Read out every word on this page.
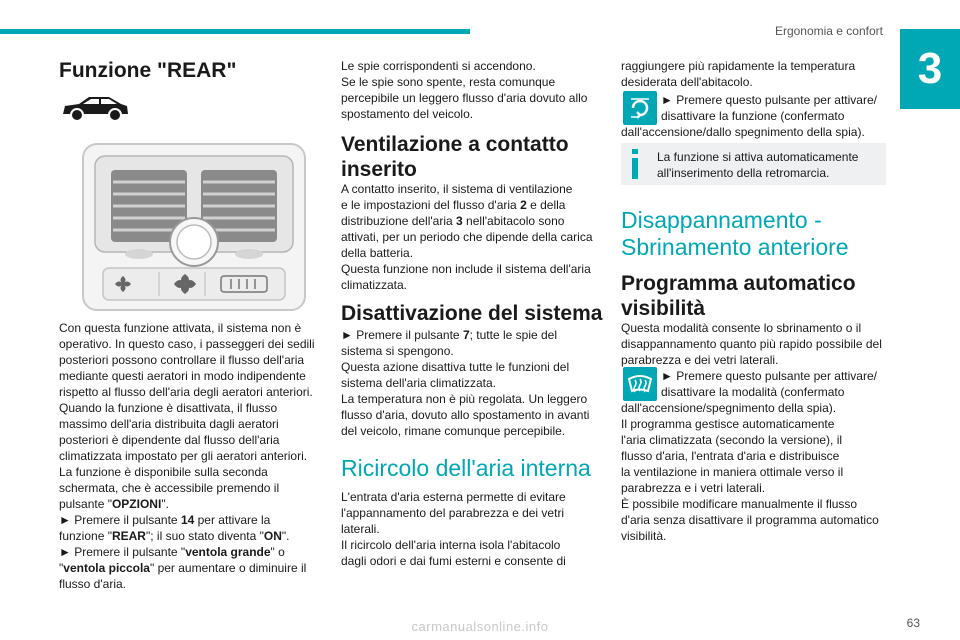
Ergonomia e confort
3
Funzione "REAR"

Con questa funzione attivata, il sistema non è

operativo. In questo caso, i passeggeri dei sedili

posteriori possono controllare il flusso dell'aria

mediante questi aeratori in modo indipendente

rispetto al flusso dell'aria degli aeratori anteriori.

Quando la funzione è disattivata, il flusso

massimo dell'aria distribuita dagli aeratori

posteriori è dipendente dal flusso dell'aria

climatizzata impostato per gli aeratori anteriori.

La funzione è disponibile sulla seconda

schermata, che è accessibile premendo il

pulsante "OPZIONI".

► Premere il pulsante 14 per attivare la

funzione "REAR"; il suo stato diventa "ON".

► Premere il pulsante "ventola grande" o

"ventola piccola" per aumentare o diminuire il

flusso d'aria.

Le spie corrispondenti si accendono.

Se le spie sono spente, resta comunque

percepibile un leggero flusso d'aria dovuto allo

spostamento del veicolo.

Ventilazione a contatto
inserito

A contatto inserito, il sistema di ventilazione

e le impostazioni del flusso d'aria 2 e della

distribuzione dell'aria 3 nell'abitacolo sono

attivati, per un periodo che dipende della carica

della batteria.

Questa funzione non include il sistema dell'aria

climatizzata.

Disattivazione del sistema

► Premere il pulsante 7; tutte le spie del

sistema si spengono.

Questa azione disattiva tutte le funzioni del

sistema dell'aria climatizzata.

La temperatura non è più regolata. Un leggero

flusso d'aria, dovuto allo spostamento in avanti

del veicolo, rimane comunque percepibile.

Ricircolo dell'aria interna

L'entrata d'aria esterna permette di evitare

l'appannamento del parabrezza e dei vetri

laterali.

Il ricircolo dell'aria interna isola l'abitacolo

dagli odori e dai fumi esterni e consente di

raggiungere più rapidamente la temperatura

desiderata dell'abitacolo.

► Premere questo pulsante per attivare/

disattivare la funzione (confermato

dall'accensione/dallo spegnimento della spia).

La funzione si attiva automaticamente

all'inserimento della retromarcia.

Disappannamento -
Sbrinamento anteriore
Programma automatico
visibilità

Questa modalità consente lo sbrinamento o il

disappannamento quanto più rapido possibile del

parabrezza e dei vetri laterali.

► Premere questo pulsante per attivare/

disattivare la modalità (confermato

dall'accensione/spegnimento della spia).

Il programma gestisce automaticamente

l'aria climatizzata (secondo la versione), il

flusso d'aria, l'entrata d'aria e distribuisce

la ventilazione in maniera ottimale verso il

parabrezza e i vetri laterali.

È possibile modificare manualmente il flusso

d'aria senza disattivare il programma automatico

visibilità.

63
carmanualsonline.info
